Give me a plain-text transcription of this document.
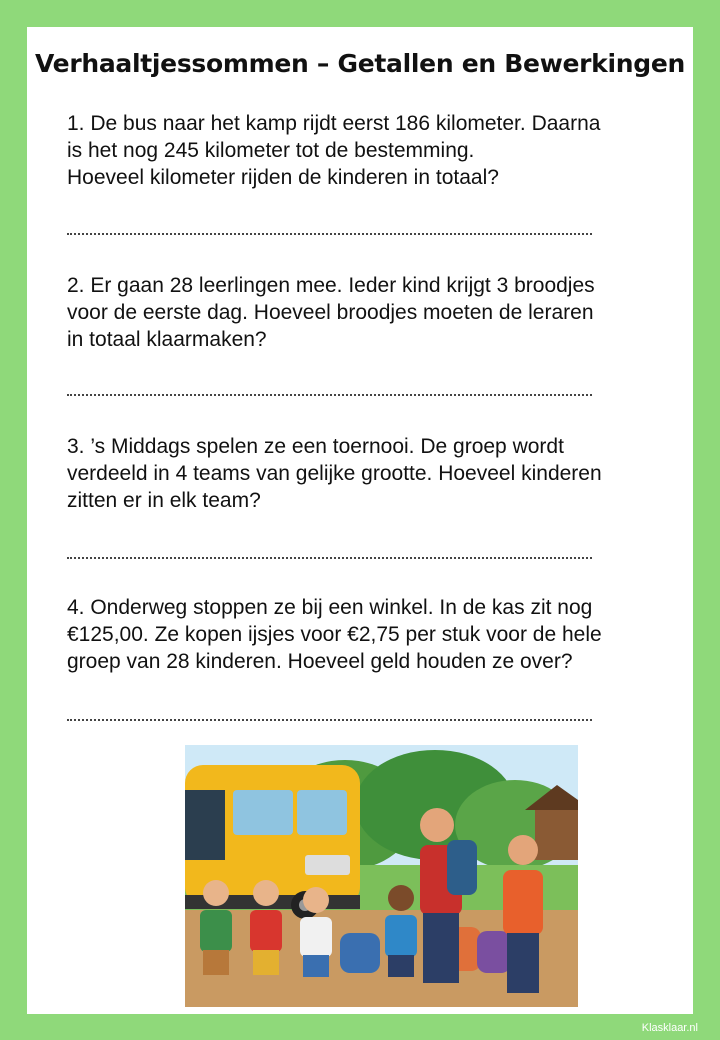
Verhaaltjessommen – Getallen en Bewerkingen
1. De bus naar het kamp rijdt eerst 186 kilometer. Daarna
is het nog 245 kilometer tot de bestemming.
Hoeveel kilometer rijden de kinderen in totaal?
2. Er gaan 28 leerlingen mee. Ieder kind krijgt 3 broodjes
voor de eerste dag. Hoeveel broodjes moeten de leraren
in totaal klaarmaken?
3. ’s Middags spelen ze een toernooi. De groep wordt
verdeeld in 4 teams van gelijke grootte. Hoeveel kinderen
zitten er in elk team?
4. Onderweg stoppen ze bij een winkel. In de kas zit nog
€125,00. Ze kopen ijsjes voor €2,75 per stuk voor de hele
groep van 28 kinderen. Hoeveel geld houden ze over?
Klasklaar.nl
